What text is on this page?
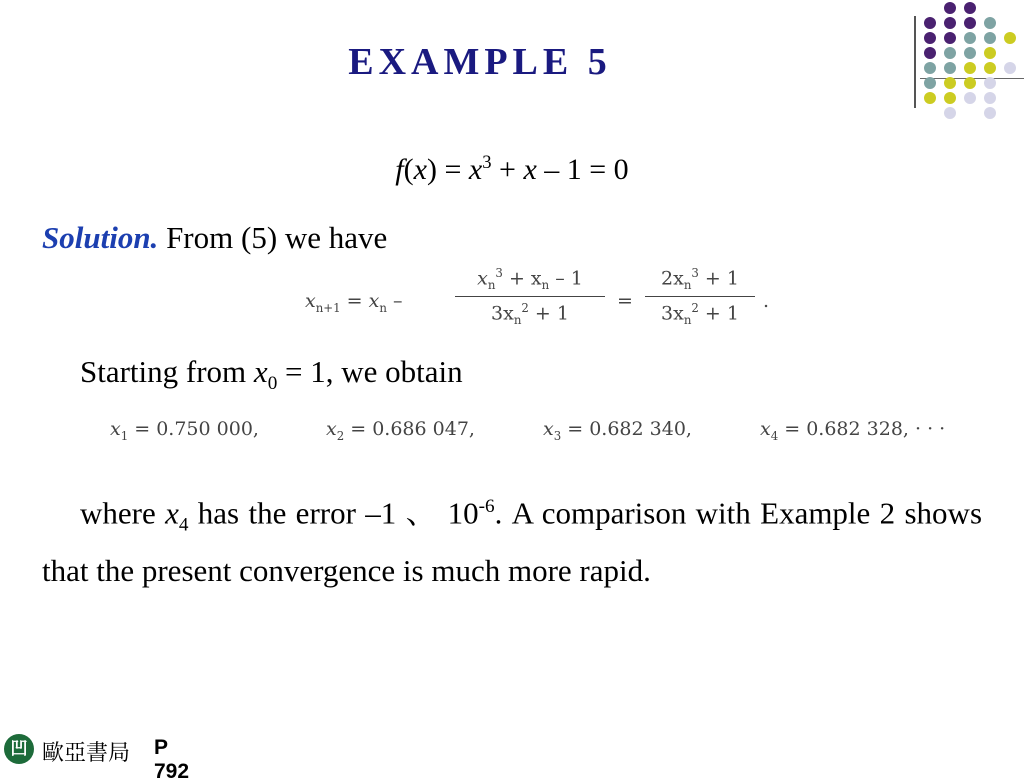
EXAMPLE 5
$f(x) = x^3 + x - 1 = 0$
Solution. From (5) we have
$x_{n+1} = x_n$ –
$x_n^3 + x_n - 1$
$3x_n^2 + 1$
=
$2x_n^3 + 1$
$3x_n^2 + 1$
.
Starting from $x_0 = 1$, we obtain
$x_1 = 0.750$ 000,	$x_2 = 0.686$ 047,	$x_3 = 0.682$ 340,	$x_4 = 0.682$ 328, · · ·
where $x_4$ has the error –1 、 $10^{-6}$. A comparison with Example 2 shows that the present convergence is much more rapid.
凹 歐亞書局 P 792
